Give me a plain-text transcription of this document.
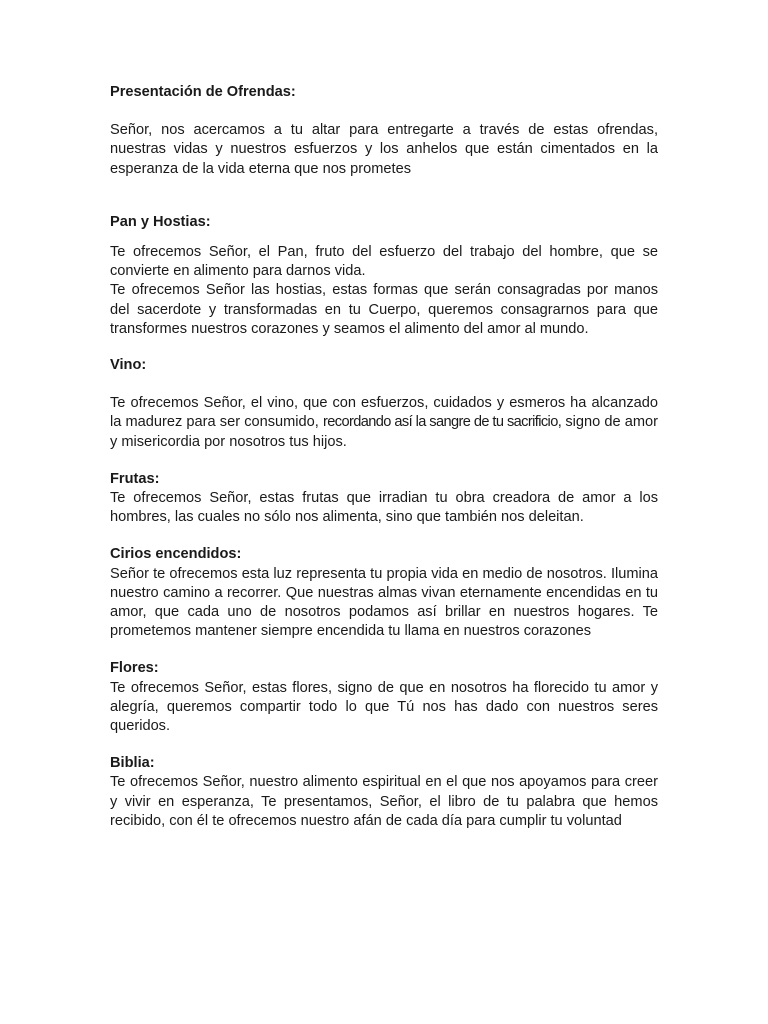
Presentación de Ofrendas:

Señor, nos acercamos a tu altar para entregarte a través de estas ofrendas, nuestras vidas y nuestros esfuerzos y los anhelos que están cimentados en la esperanza de la vida eterna que nos prometes

Pan y Hostias:

Te ofrecemos Señor, el Pan, fruto del esfuerzo del trabajo del hombre, que se convierte en alimento para darnos vida.

Te ofrecemos Señor las hostias, estas formas que serán consagradas por manos del sacerdote y transformadas en tu Cuerpo, queremos consagrarnos para que transformes nuestros corazones y seamos el alimento del amor al mundo.

Vino:

Te ofrecemos Señor, el vino, que con esfuerzos, cuidados y esmeros ha alcanzado la madurez para ser consumido, recordando así la sangre de tu sacrificio, signo de amor y misericordia por nosotros tus hijos.

Frutas:

Te ofrecemos Señor, estas frutas que irradian tu obra creadora de amor a los hombres, las cuales no sólo nos alimenta, sino que también nos deleitan.

Cirios encendidos:

Señor te ofrecemos esta luz representa tu propia vida en medio de nosotros. Ilumina nuestro camino a recorrer. Que nuestras almas vivan eternamente encendidas en tu amor, que cada uno de nosotros podamos así brillar en nuestros hogares. Te prometemos mantener siempre encendida tu llama en nuestros corazones

Flores:

Te ofrecemos Señor, estas flores, signo de que en nosotros ha florecido tu amor y alegría, queremos compartir todo lo que Tú nos has dado con nuestros seres queridos.

Biblia:

Te ofrecemos Señor, nuestro alimento espiritual en el que nos apoyamos para creer y vivir en esperanza, Te presentamos, Señor, el libro de tu palabra que hemos recibido, con él te ofrecemos nuestro afán de cada día para cumplir tu voluntad
